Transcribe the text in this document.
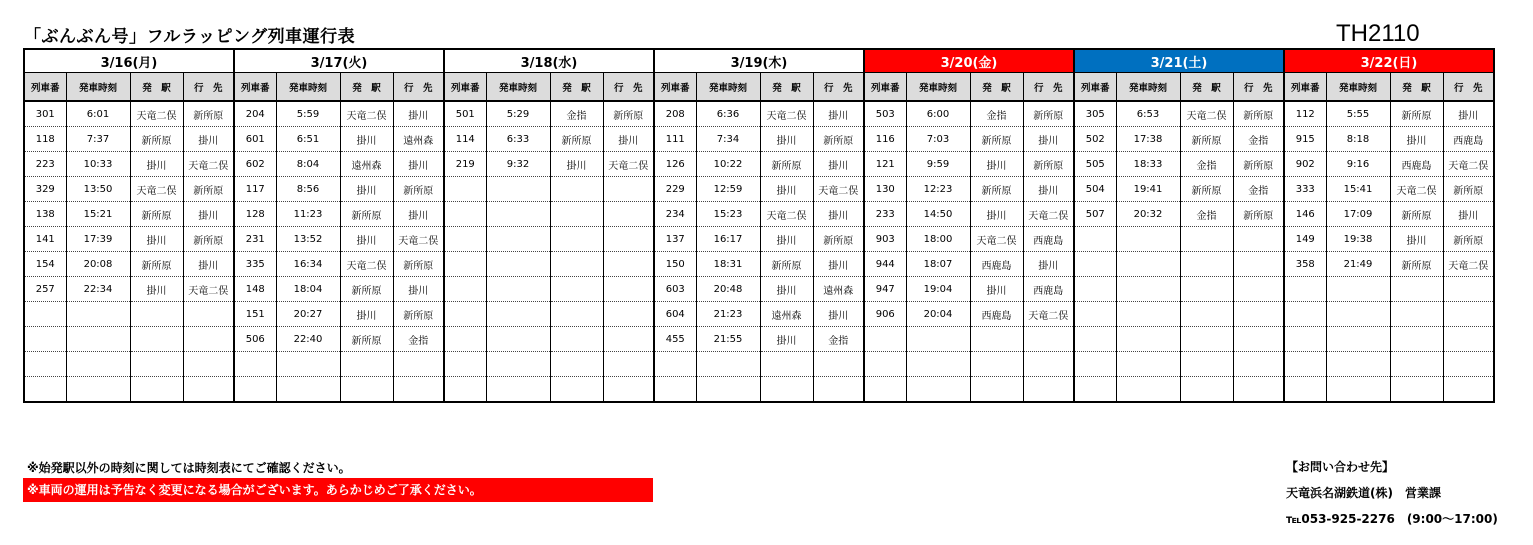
「ぶんぶん号」フルラッピング列車運行表	TH2110
3/16(月)				3/17(火)				3/18(水)				3/19(木)				3/20(金)				3/21(土)				3/22(日)			
列車番	発車時刻	発　駅	行　先	列車番	発車時刻	発　駅	行　先	列車番	発車時刻	発　駅	行　先	列車番	発車時刻	発　駅	行　先	列車番	発車時刻	発　駅	行　先	列車番	発車時刻	発　駅	行　先	列車番	発車時刻	発　駅	行　先
301	6:01	天竜二俣	新所原	204	5:59	天竜二俣	掛川	501	5:29	金指	新所原	208	6:36	天竜二俣	掛川	503	6:00	金指	新所原	305	6:53	天竜二俣	新所原	112	5:55	新所原	掛川
118	7:37	新所原	掛川	601	6:51	掛川	遠州森	114	6:33	新所原	掛川	111	7:34	掛川	新所原	116	7:03	新所原	掛川	502	17:38	新所原	金指	915	8:18	掛川	西鹿島
223	10:33	掛川	天竜二俣	602	8:04	遠州森	掛川	219	9:32	掛川	天竜二俣	126	10:22	新所原	掛川	121	9:59	掛川	新所原	505	18:33	金指	新所原	902	9:16	西鹿島	天竜二俣
329	13:50	天竜二俣	新所原	117	8:56	掛川	新所原					229	12:59	掛川	天竜二俣	130	12:23	新所原	掛川	504	19:41	新所原	金指	333	15:41	天竜二俣	新所原
138	15:21	新所原	掛川	128	11:23	新所原	掛川					234	15:23	天竜二俣	掛川	233	14:50	掛川	天竜二俣	507	20:32	金指	新所原	146	17:09	新所原	掛川
141	17:39	掛川	新所原	231	13:52	掛川	天竜二俣					137	16:17	掛川	新所原	903	18:00	天竜二俣	西鹿島					149	19:38	掛川	新所原
154	20:08	新所原	掛川	335	16:34	天竜二俣	新所原					150	18:31	新所原	掛川	944	18:07	西鹿島	掛川					358	21:49	新所原	天竜二俣
257	22:34	掛川	天竜二俣	148	18:04	新所原	掛川					603	20:48	掛川	遠州森	947	19:04	掛川	西鹿島								
				151	20:27	掛川	新所原					604	21:23	遠州森	掛川	906	20:04	西鹿島	天竜二俣								
				506	22:40	新所原	金指					455	21:55	掛川	金指												

※始発駅以外の時刻に関しては時刻表にてご確認ください。
※車両の運用は予告なく変更になる場合がございます。あらかじめご了承ください。
【お問い合わせ先】
天竜浜名湖鉄道(株)　営業課
℡053-925-2276　(9:00～17:00)
